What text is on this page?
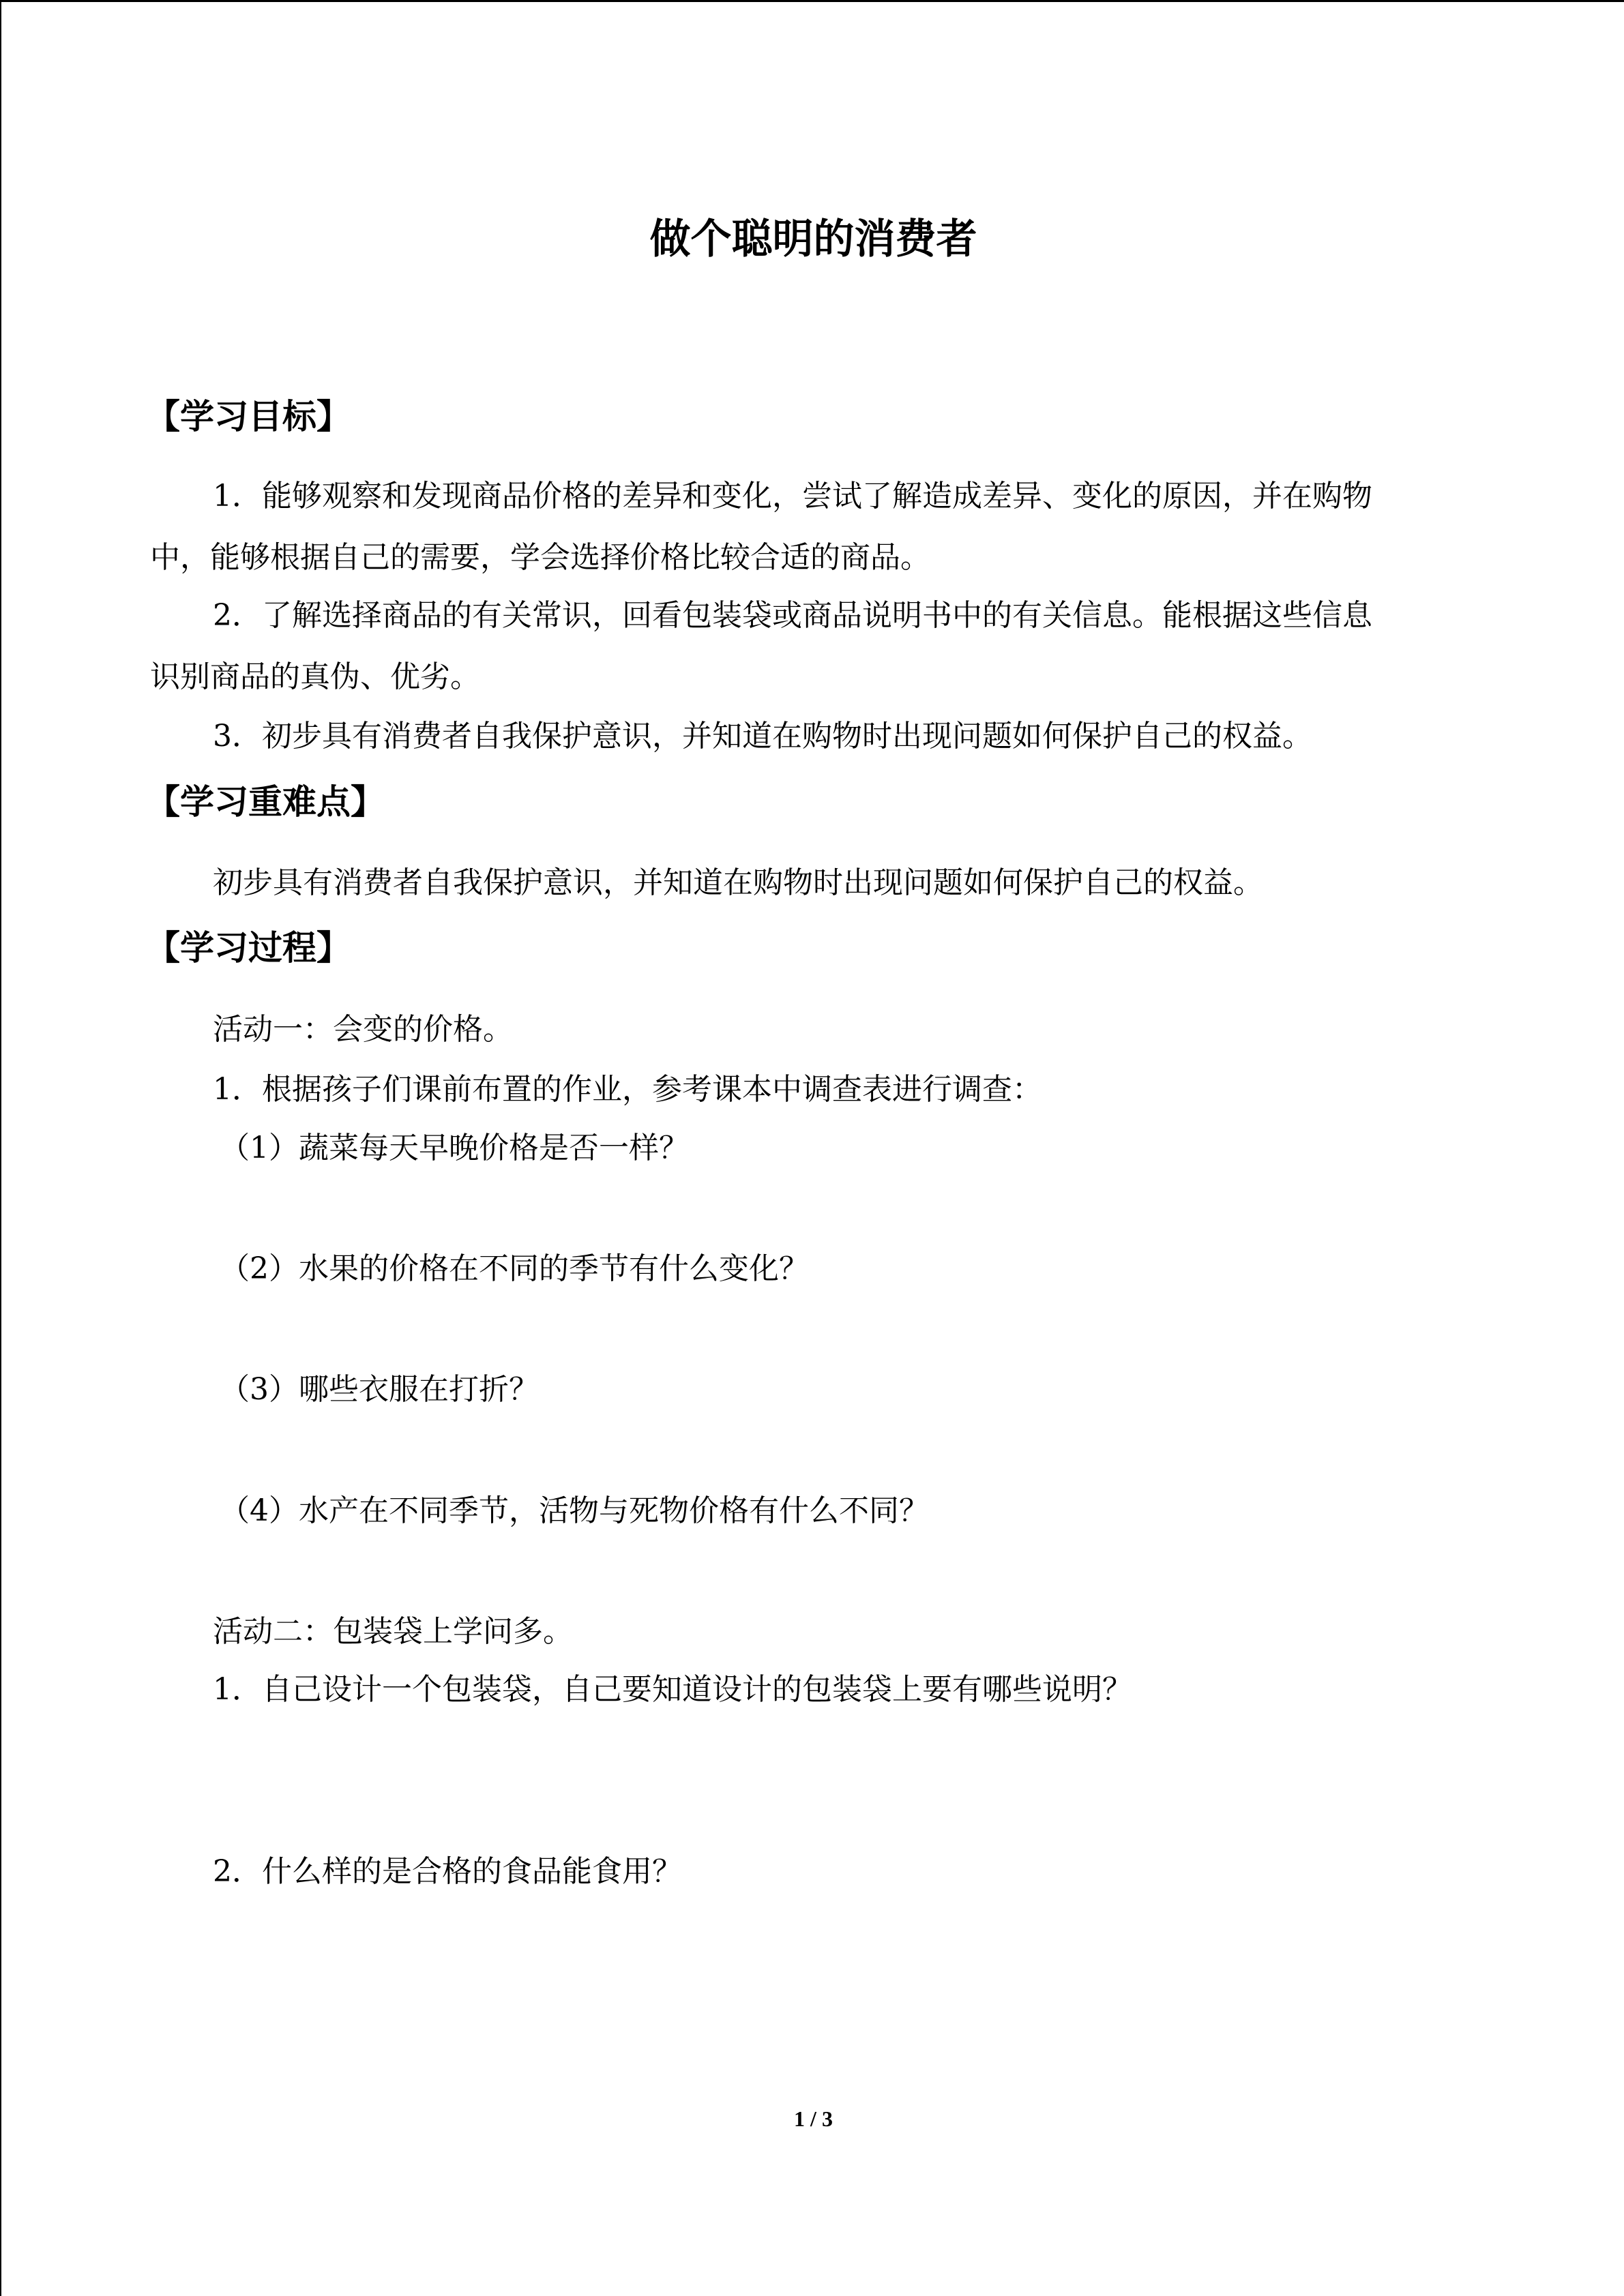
做个聪明的消费者
【学习目标】

1．能够观察和发现商品价格的差异和变化，尝试了解造成差异、变化的原因，并在购物

中，能够根据自己的需要，学会选择价格比较合适的商品。

2．了解选择商品的有关常识，回看包装袋或商品说明书中的有关信息。能根据这些信息

识别商品的真伪、优劣。

3．初步具有消费者自我保护意识，并知道在购物时出现问题如何保护自己的权益。

【学习重难点】

初步具有消费者自我保护意识，并知道在购物时出现问题如何保护自己的权益。

【学习过程】

活动一：会变的价格。

1．根据孩子们课前布置的作业，参考课本中调查表进行调查：

（1）蔬菜每天早晚价格是否一样？

（2）水果的价格在不同的季节有什么变化？

（3）哪些衣服在打折？

（4）水产在不同季节，活物与死物价格有什么不同？

活动二：包装袋上学问多。

1．自己设计一个包装袋，自己要知道设计的包装袋上要有哪些说明？

2．什么样的是合格的食品能食用？

1 / 3
